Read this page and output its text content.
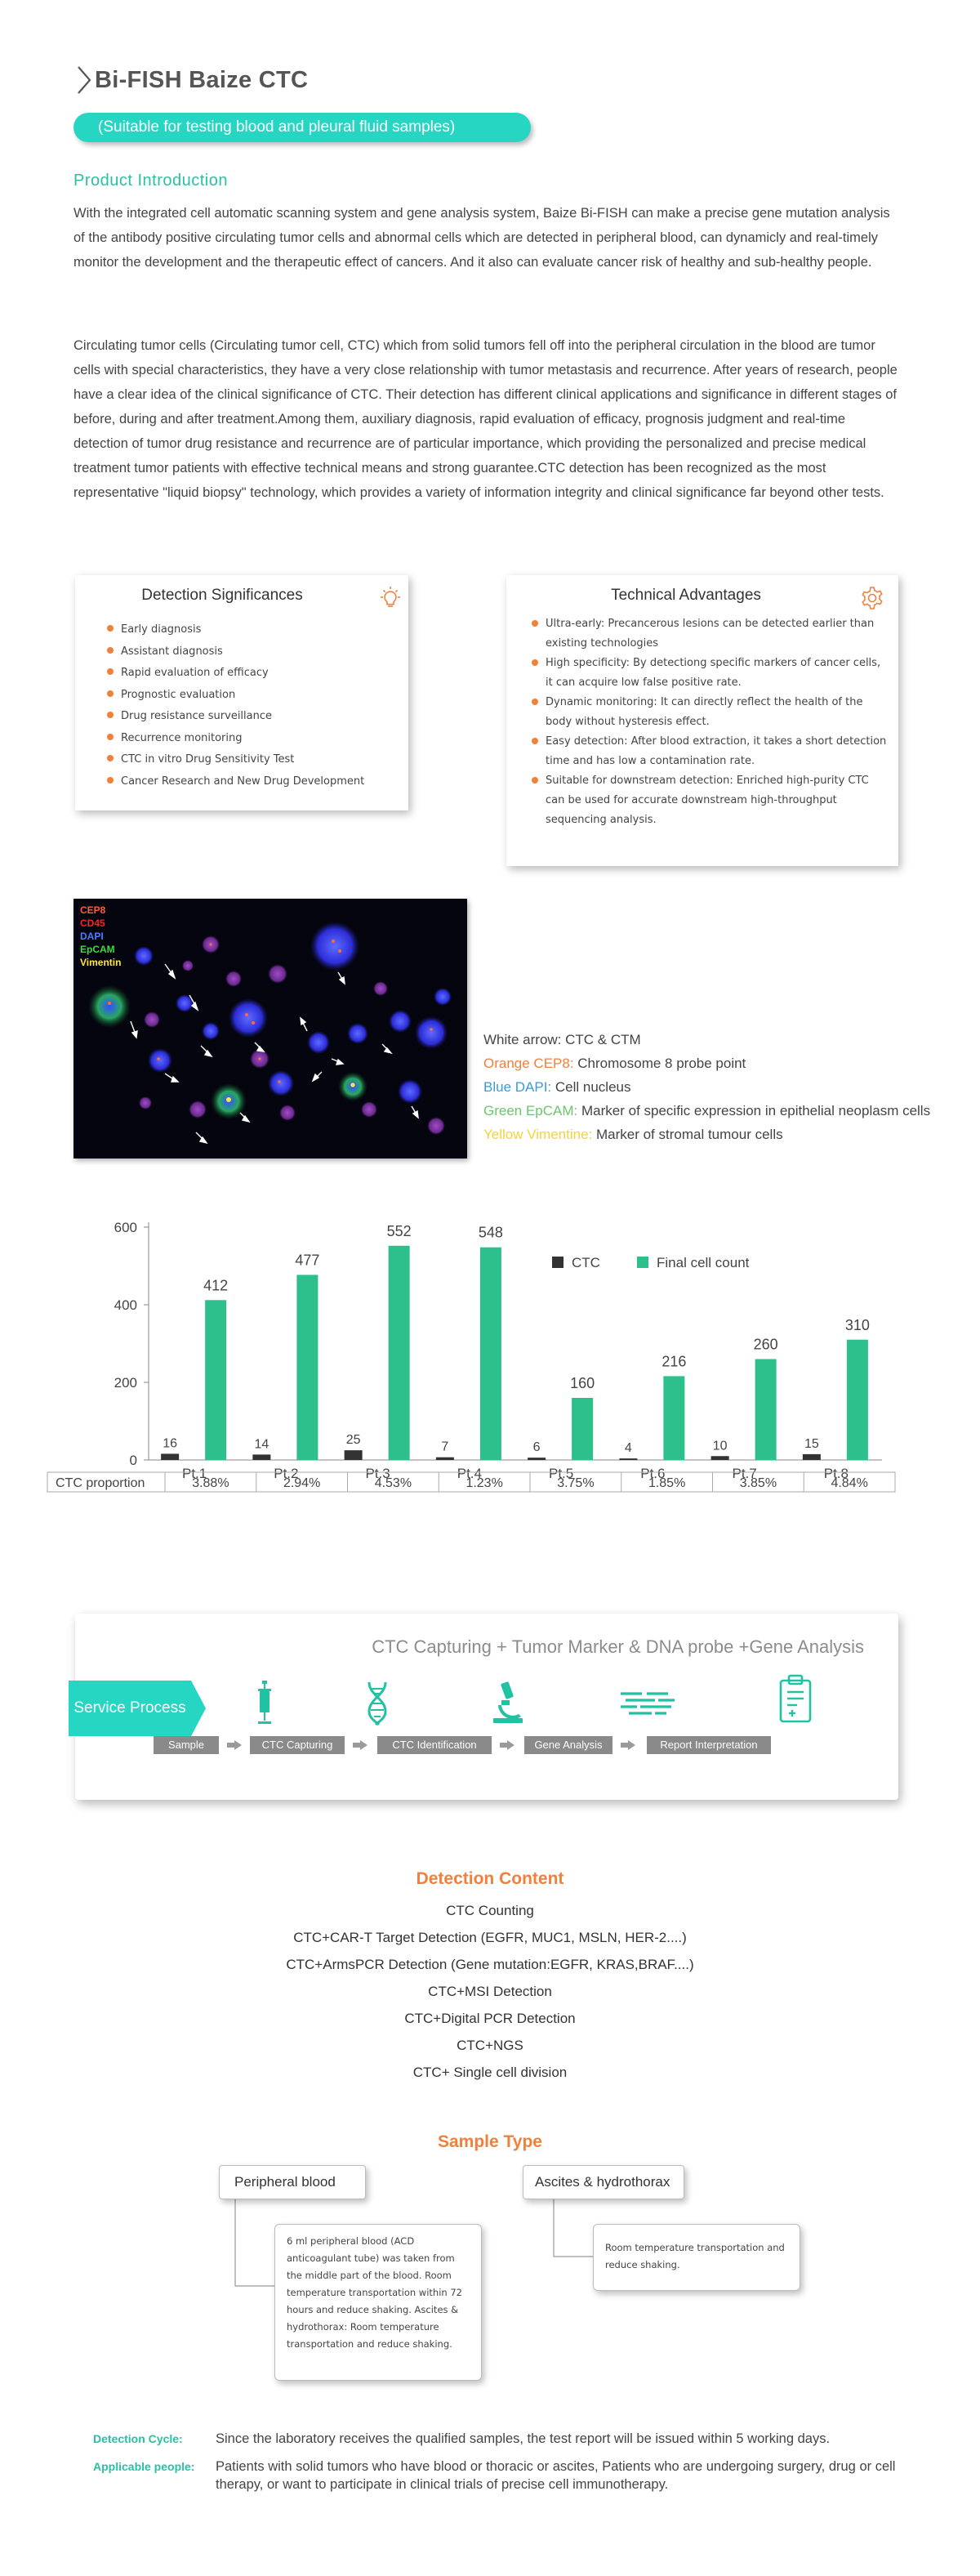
Bi-FISH Baize CTC
(Suitable for testing blood and pleural fluid samples)
Product Introduction

With the integrated cell automatic scanning system and gene analysis system, Baize Bi-FISH can make a precise gene mutation analysis of the antibody positive circulating tumor cells and abnormal cells which are detected in peripheral blood, can dynamicly and real-timely monitor the development and the therapeutic effect of cancers. And it also can evaluate cancer risk of healthy and sub-healthy people.

Circulating tumor cells (Circulating tumor cell, CTC) which from solid tumors fell off into the peripheral circulation in the blood are tumor cells with special characteristics, they have a very close relationship with tumor metastasis and recurrence. After years of research, people have a clear idea of the clinical significance of CTC. Their detection has different clinical applications and significance in different stages of before, during and after treatment.Among them, auxiliary diagnosis, rapid evaluation of efficacy, prognosis judgment and real-time detection of tumor drug resistance and recurrence are of particular importance, which providing the personalized and precise medical treatment tumor patients with effective technical means and strong guarantee.CTC detection has been recognized as the most representative "liquid biopsy" technology, which provides a variety of information integrity and clinical significance far beyond other tests.

Detection Significances
Early diagnosis
Assistant diagnosis
Rapid evaluation of efficacy
Prognostic evaluation
Drug resistance surveillance
Recurrence monitoring
CTC in vitro Drug Sensitivity Test
Cancer Research and New Drug Development
Technical Advantages
Ultra-early: Precancerous lesions can be detected earlier than existing technologies
High specificity: By detectiong specific markers of cancer cells, it can acquire low false positive rate.
Dynamic monitoring: It can directly reflect the health of the body without hysteresis effect.
Easy detection: After blood extraction, it takes a short detection time and has low a contamination rate.
Suitable for downstream detection: Enriched high-purity CTC can be used for accurate downstream high-throughput sequencing analysis.
CEP8
CD45
DAPI
EpCAM
Vimentin
White arrow: CTC & CTM
Orange CEP8: Chromosome 8 probe point
Blue DAPI: Cell nucleus
Green EpCAM: Marker of specific expression in epithelial neoplasm cells
Yellow Vimentine: Marker of stromal tumour cells
0
200
400
600
16
412
Pt.1
14
477
Pt.2
25
552
Pt.3
7
548
Pt.4
6
160
Pt.5
4
216
Pt.6
10
260
Pt.7
15
310
Pt.8
CTC	Final cell count
CTC proportion	3.88%	2.94%	4.53%	1.23%	3.75%	1.85%	3.85%	4.84%
CTC Capturing + Tumor Marker & DNA probe +Gene Analysis
Service Process
Sample	CTC Capturing	CTC Identification	Gene Analysis	Report Interpretation
Detection Content
CTC Counting
CTC+CAR-T Target Detection (EGFR, MUC1, MSLN, HER-2....)
CTC+ArmsPCR Detection (Gene mutation:EGFR, KRAS,BRAF....)
CTC+MSI Detection
CTC+Digital PCR Detection
CTC+NGS
CTC+ Single cell division
Sample Type
Peripheral blood	Ascites & hydrothorax
6 ml peripheral blood (ACD anticoagulant tube) was taken from the middle part of the blood. Room temperature transportation within 72 hours and reduce shaking. Ascites & hydrothorax: Room temperature transportation and reduce shaking.
Room temperature transportation and reduce shaking.
Detection Cycle:	Since the laboratory receives the qualified samples, the test report will be issued within 5 working days.
Applicable people:	Patients with solid tumors who have blood or thoracic or ascites, Patients who are undergoing surgery, drug or cell therapy, or want to participate in clinical trials of precise cell immunotherapy.
